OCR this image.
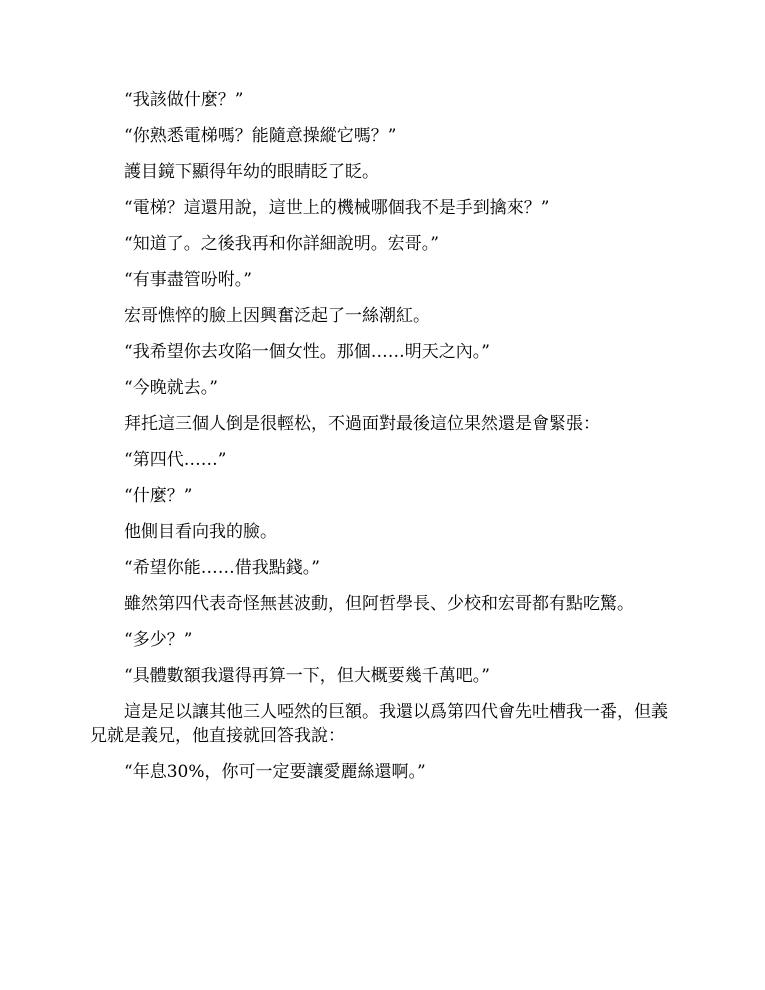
“我該做什麼？”

“你熟悉電梯嗎？能隨意操縱它嗎？”

護目鏡下顯得年幼的眼睛眨了眨。

“電梯？這還用說，這世上的機械哪個我不是手到擒來？”

“知道了。之後我再和你詳細說明。宏哥。”

“有事盡管吩咐。”

宏哥憔悴的臉上因興奮泛起了一絲潮紅。

“我希望你去攻陷一個女性。那個……明天之內。”

“今晚就去。”

拜托這三個人倒是很輕松，不過面對最後這位果然還是會緊張：

“第四代……”

“什麼？”

他側目看向我的臉。

“希望你能……借我點錢。”

雖然第四代表奇怪無甚波動，但阿哲學長、少校和宏哥都有點吃驚。

“多少？”

“具體數額我還得再算一下，但大概要幾千萬吧。”

這是足以讓其他三人啞然的巨額。我還以爲第四代會先吐槽我一番，但義兄就是義兄，他直接就回答我說：

“年息30%，你可一定要讓愛麗絲還啊。”
